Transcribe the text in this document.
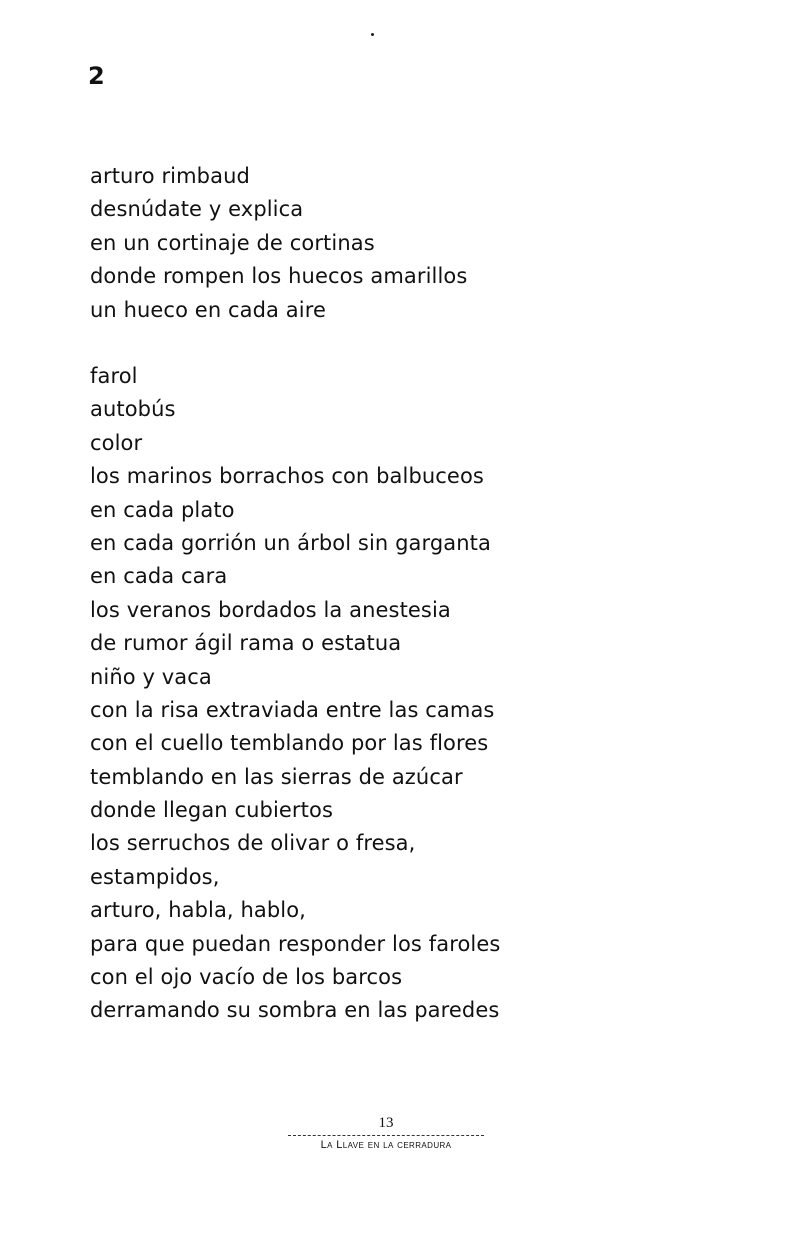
2
arturo rimbaud
desnúdate y explica
en un cortinaje de cortinas
donde rompen los huecos amarillos
un hueco en cada aire
farol
autobús
color
los marinos borrachos con balbuceos
en cada plato
en cada gorrión un árbol sin garganta
en cada cara
los veranos bordados la anestesia
de rumor ágil rama o estatua
niño y vaca
con la risa extraviada entre las camas
con el cuello temblando por las flores
temblando en las sierras de azúcar
donde llegan cubiertos
los serruchos de olivar o fresa,
estampidos,
arturo, habla, hablo,
para que puedan responder los faroles
con el ojo vacío de los barcos
derramando su sombra en las paredes
13
La Llave en la cerradura
